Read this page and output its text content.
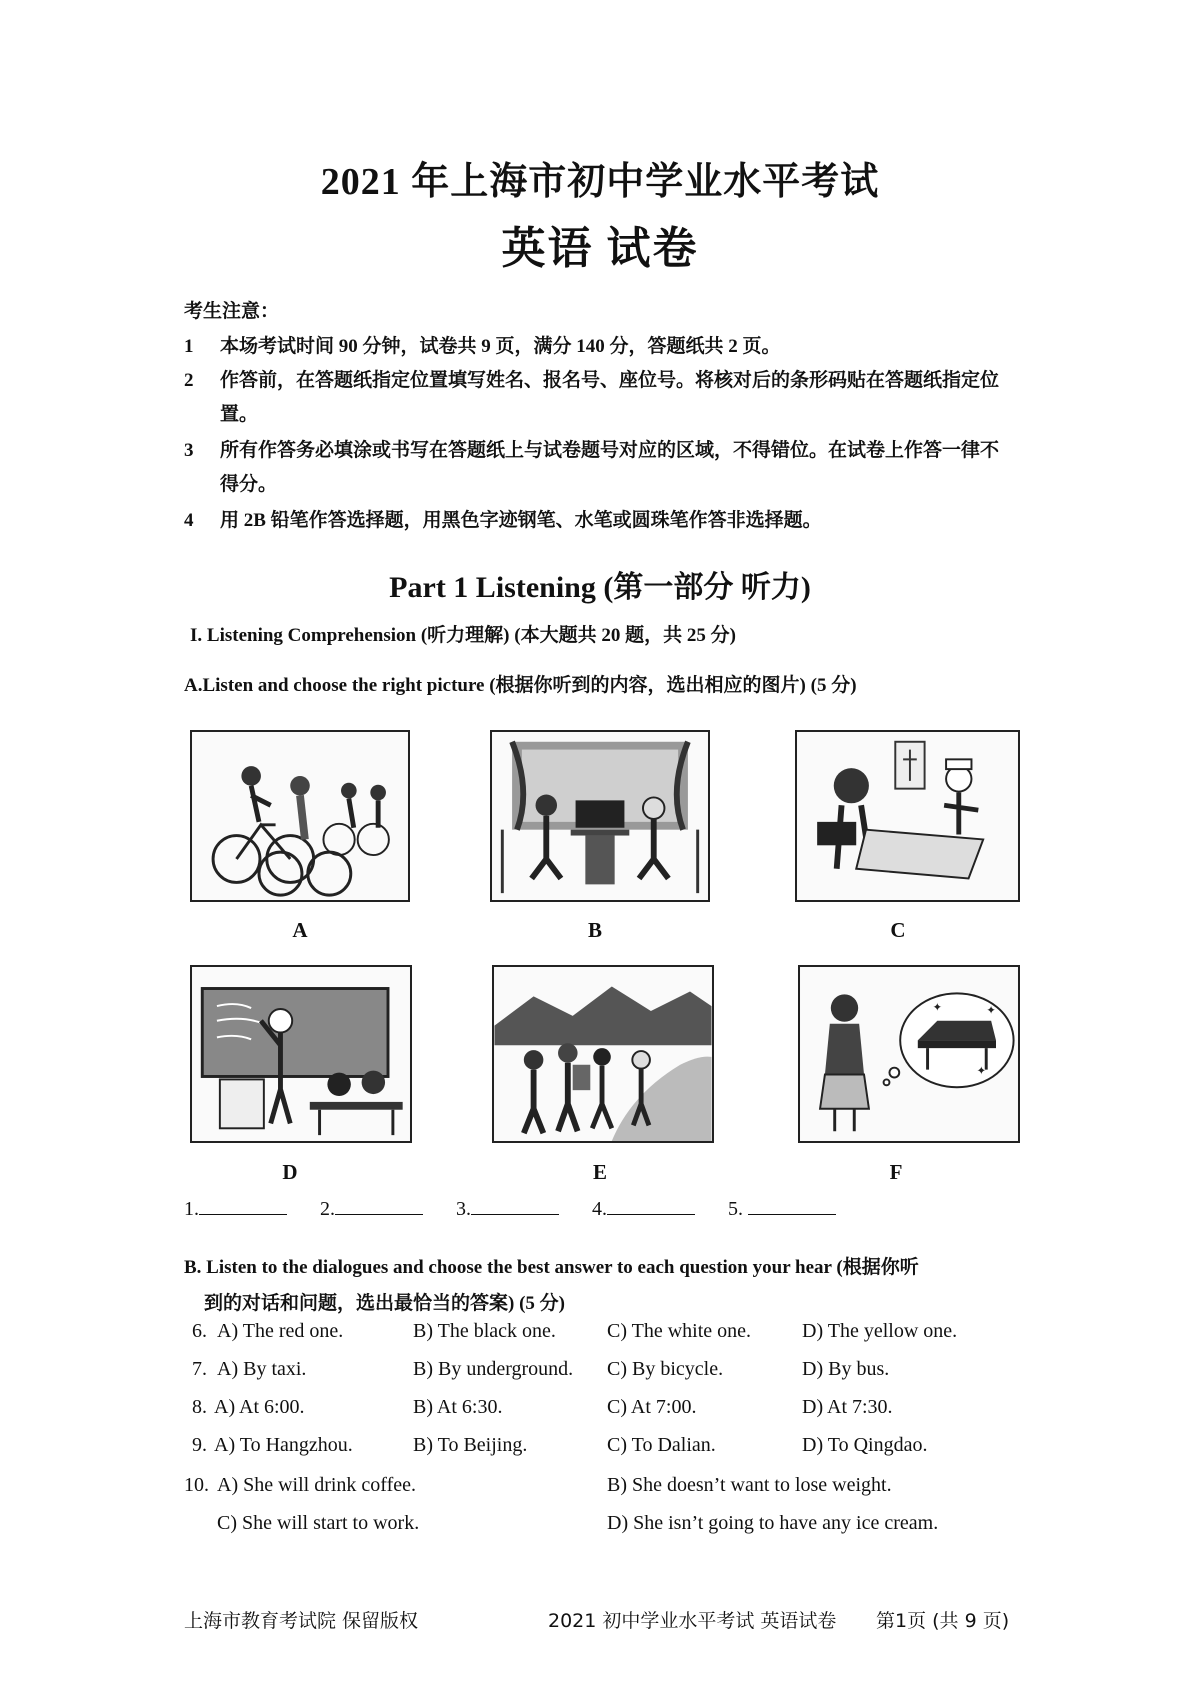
2021 年上海市初中学业水平考试
英语 试卷
考生注意：
1	本场考试时间 90 分钟，试卷共 9 页，满分 140 分，答题纸共 2 页。
2	作答前，在答题纸指定位置填写姓名、报名号、座位号。将核对后的条形码贴在答题纸指定位置。
3	所有作答务必填涂或书写在答题纸上与试卷题号对应的区域，不得错位。在试卷上作答一律不得分。
4	用 2B 铅笔作答选择题，用黑色字迹钢笔、水笔或圆珠笔作答非选择题。
Part 1 Listening (第一部分 听力)
I. Listening Comprehension (听力理解) (本大题共 20 题，共 25 分)
A.Listen and choose the right picture (根据你听到的内容，选出相应的图片) (5 分)
A	B	C
D	E
✦	✦
✦
F
1.	2.	3.	4.	5.
B. Listen to the dialogues and choose the best answer to each question your hear (根据你听
到的对话和问题，选出最恰当的答案) (5 分)
6. A) The red one.	B) The black one.	C) The white one.	D) The yellow one.
7. A) By taxi.	B) By underground. C) By bicycle.	D) By bus.
8. A) At 6:00.	B) At 6:30.	C) At 7:00.	D) At 7:30.
9. A) To Hangzhou.	B) To Beijing.	C) To Dalian.	D) To Qingdao.
10. A) She will drink coffee.	B) She doesn’t want to lose weight.
C) She will start to work.	D) She isn’t going to have any ice cream.
上海市教育考试院 保留版权	2021 初中学业水平考试 英语试卷 第1页 (共 9 页)
